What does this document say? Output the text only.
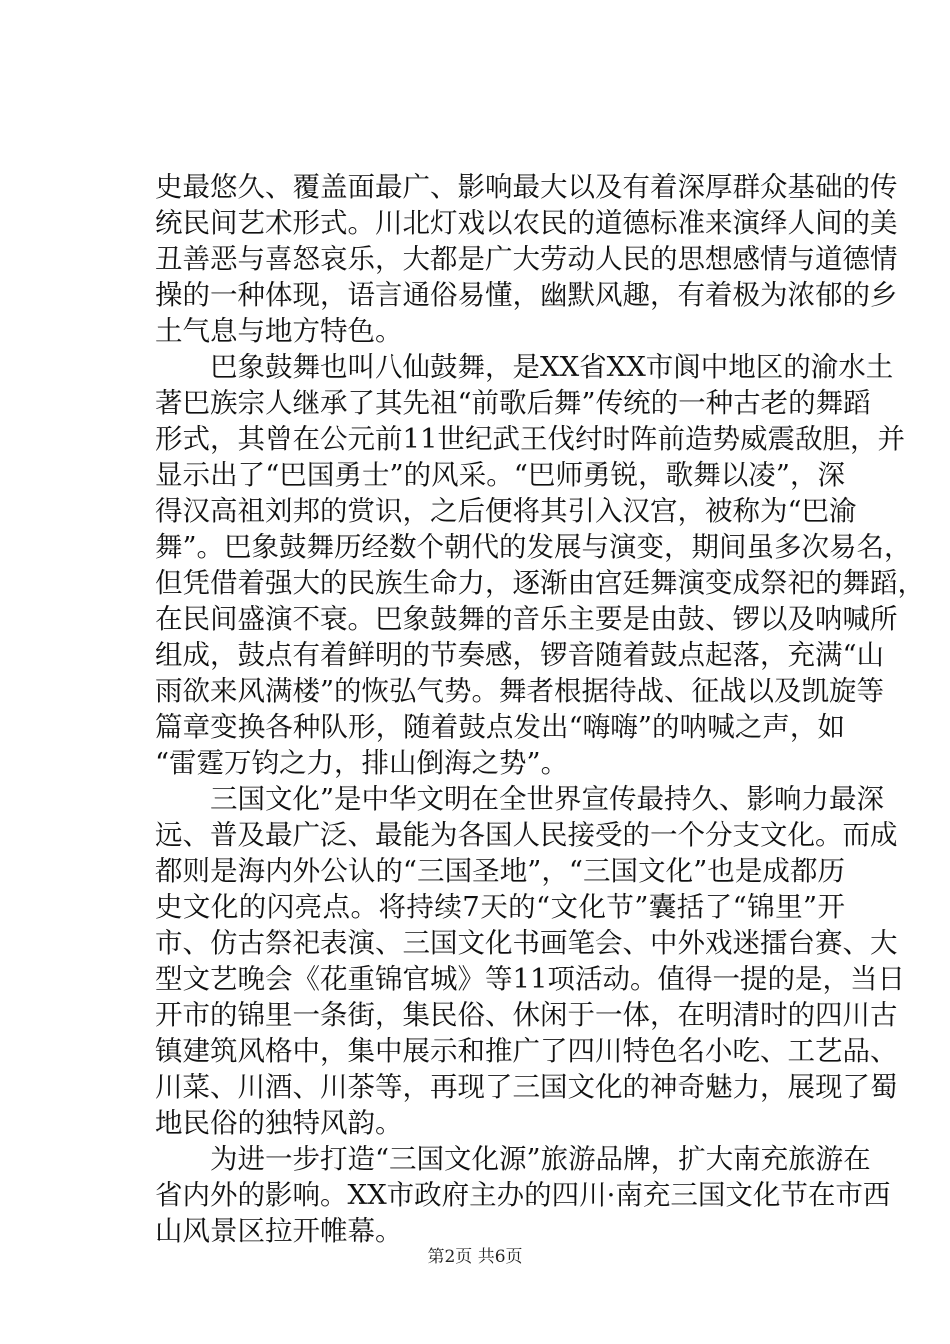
史最悠久、覆盖面最广、影响最大以及有着深厚群众基础的传
统民间艺术形式。川北灯戏以农民的道德标准来演绎人间的美
丑善恶与喜怒哀乐，大都是广大劳动人民的思想感情与道德情
操的一种体现，语言通俗易懂，幽默风趣，有着极为浓郁的乡
土气息与地方特色。
巴象鼓舞也叫八仙鼓舞，是XX省XX市阆中地区的渝水土
著巴族宗人继承了其先祖“前歌后舞”传统的一种古老的舞蹈
形式，其曾在公元前11世纪武王伐纣时阵前造势威震敌胆，并
显示出了“巴国勇士”的风采。“巴师勇锐，歌舞以凌”，深
得汉高祖刘邦的赏识，之后便将其引入汉宫，被称为“巴渝
舞”。巴象鼓舞历经数个朝代的发展与演变，期间虽多次易名，
但凭借着强大的民族生命力，逐渐由宫廷舞演变成祭祀的舞蹈，
在民间盛演不衰。巴象鼓舞的音乐主要是由鼓、锣以及呐喊所
组成，鼓点有着鲜明的节奏感，锣音随着鼓点起落，充满“山
雨欲来风满楼”的恢弘气势。舞者根据待战、征战以及凯旋等
篇章变换各种队形，随着鼓点发出“嗨嗨”的呐喊之声，如
“雷霆万钧之力，排山倒海之势”。
三国文化”是中华文明在全世界宣传最持久、影响力最深
远、普及最广泛、最能为各国人民接受的一个分支文化。而成
都则是海内外公认的“三国圣地”，“三国文化”也是成都历
史文化的闪亮点。将持续7天的“文化节”囊括了“锦里”开
市、仿古祭祀表演、三国文化书画笔会、中外戏迷擂台赛、大
型文艺晚会《花重锦官城》等11项活动。值得一提的是，当日
开市的锦里一条街，集民俗、休闲于一体，在明清时的四川古
镇建筑风格中，集中展示和推广了四川特色名小吃、工艺品、
川菜、川酒、川茶等，再现了三国文化的神奇魅力，展现了蜀
地民俗的独特风韵。
为进一步打造“三国文化源”旅游品牌，扩大南充旅游在
省内外的影响。XX市政府主办的四川·南充三国文化节在市西
山风景区拉开帷幕。
第2页 共6页
